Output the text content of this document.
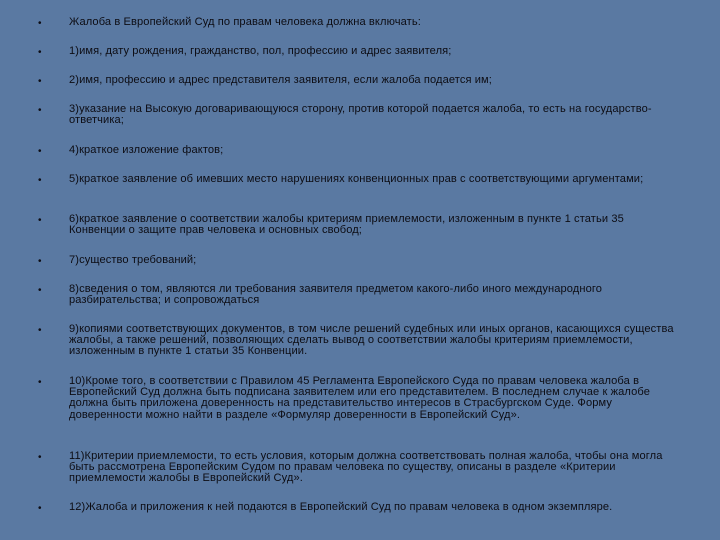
• Жалоба в Европейский Суд по правам человека должна включать:
• 1)имя, дату рождения, гражданство, пол, профессию и адрес заявителя;
• 2)имя, профессию и адрес представителя заявителя, если жалоба подается им;
• 3)указание на Высокую договаривающуюся сторону, против которой подается жалоба, то есть на государство-ответчика;
• 4)краткое изложение фактов;
• 5)краткое заявление об имевших место нарушениях конвенционных прав с соответствующими аргументами;
• 6)краткое заявление о соответствии жалобы критериям приемлемости, изложенным в пункте 1 статьи 35 Конвенции о защите прав человека и основных свобод;
• 7)существо требований;
• 8)сведения о том, являются ли требования заявителя предметом какого-либо иного международного разбирательства; и сопровождаться
• 9)копиями соответствующих документов, в том числе решений судебных или иных органов, касающихся существа жалобы, а также решений, позволяющих сделать вывод о соответствии жалобы критериям приемлемости, изложенным в пункте 1 статьи 35 Конвенции.
• 10)Кроме того, в соответствии с Правилом 45 Регламента Европейского Суда по правам человека жалоба в Европейский Суд должна быть подписана заявителем или его представителем. В последнем случае к жалобе должна быть приложена доверенность на представительство интересов в Страсбургском Суде. Форму доверенности можно найти в разделе «Формуляр доверенности в Европейский Суд».
• 11)Критерии приемлемости, то есть условия, которым должна соответствовать полная жалоба, чтобы она могла быть рассмотрена Европейским Судом по правам человека по существу, описаны в разделе «Критерии приемлемости жалобы в Европейский Суд».
• 12)Жалоба и приложения к ней подаются в Европейский Суд по правам человека в одном экземпляре.
